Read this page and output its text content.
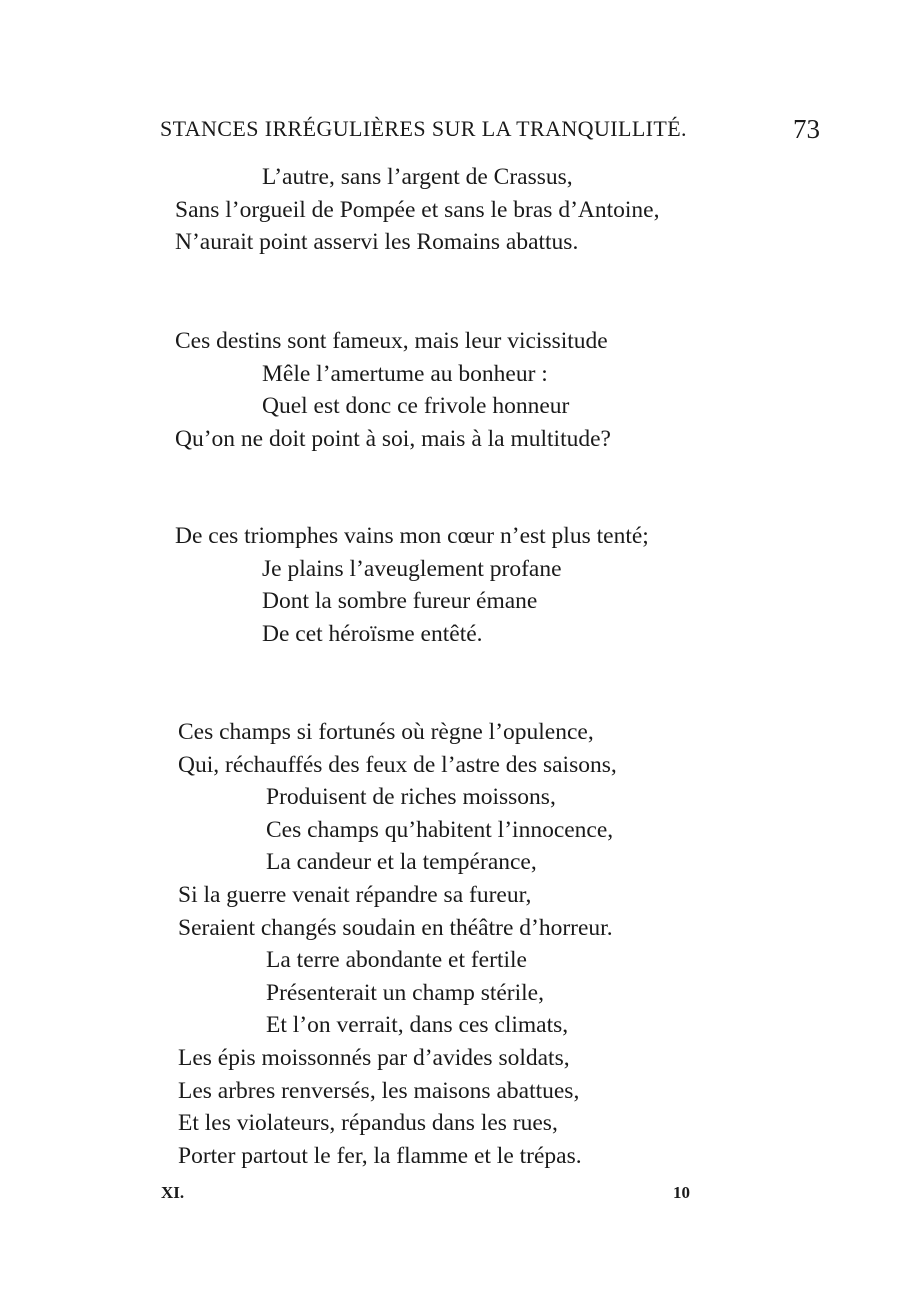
STANCES IRRÉGULIÈRES SUR LA TRANQUILLITÉ.	73
L’autre, sans l’argent de Crassus,
Sans l’orgueil de Pompée et sans le bras d’Antoine,
N’aurait point asservi les Romains abattus.
Ces destins sont fameux, mais leur vicissitude
Mêle l’amertume au bonheur :
Quel est donc ce frivole honneur
Qu’on ne doit point à soi, mais à la multitude?
De ces triomphes vains mon cœur n’est plus tenté;
Je plains l’aveuglement profane
Dont la sombre fureur émane
De cet héroïsme entêté.
Ces champs si fortunés où règne l’opulence,
Qui, réchauffés des feux de l’astre des saisons,
Produisent de riches moissons,
Ces champs qu’habitent l’innocence,
La candeur et la tempérance,
Si la guerre venait répandre sa fureur,
Seraient changés soudain en théâtre d’horreur.
La terre abondante et fertile
Présenterait un champ stérile,
Et l’on verrait, dans ces climats,
Les épis moissonnés par d’avides soldats,
Les arbres renversés, les maisons abattues,
Et les violateurs, répandus dans les rues,
Porter partout le fer, la flamme et le trépas.
XI.	10
